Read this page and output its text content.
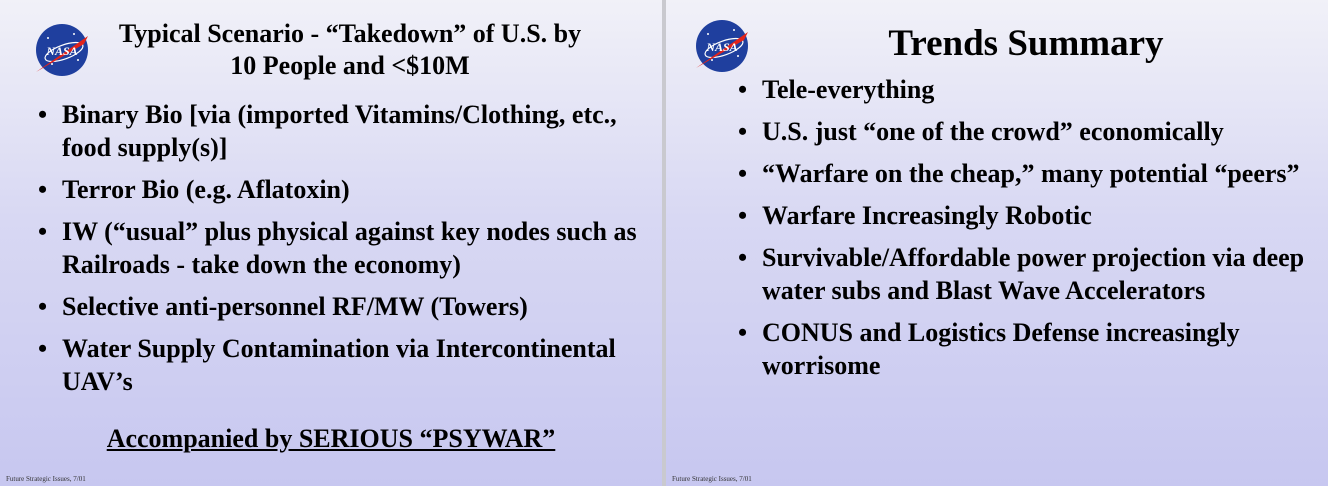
NASA
Typical Scenario - “Takedown” of U.S. by 10 People and <$10M
• Binary Bio [via (imported Vitamins/Clothing, etc., food supply(s)]
• Terror Bio (e.g. Aflatoxin)
• IW (“usual” plus physical against key nodes such as Railroads - take down the economy)
• Selective anti-personnel RF/MW (Towers)
• Water Supply Contamination via Intercontinental UAV’s

Accompanied by SERIOUS “PSYWAR”

Future Strategic Issues, 7/01
NASA	Trends Summary
• Tele-everything
• U.S. just “one of the crowd” economically
• “Warfare on the cheap,” many potential “peers”
• Warfare Increasingly Robotic
• Survivable/Affordable power projection via deep water subs and Blast Wave Accelerators
• CONUS and Logistics Defense increasingly worrisome
Future Strategic Issues, 7/01
